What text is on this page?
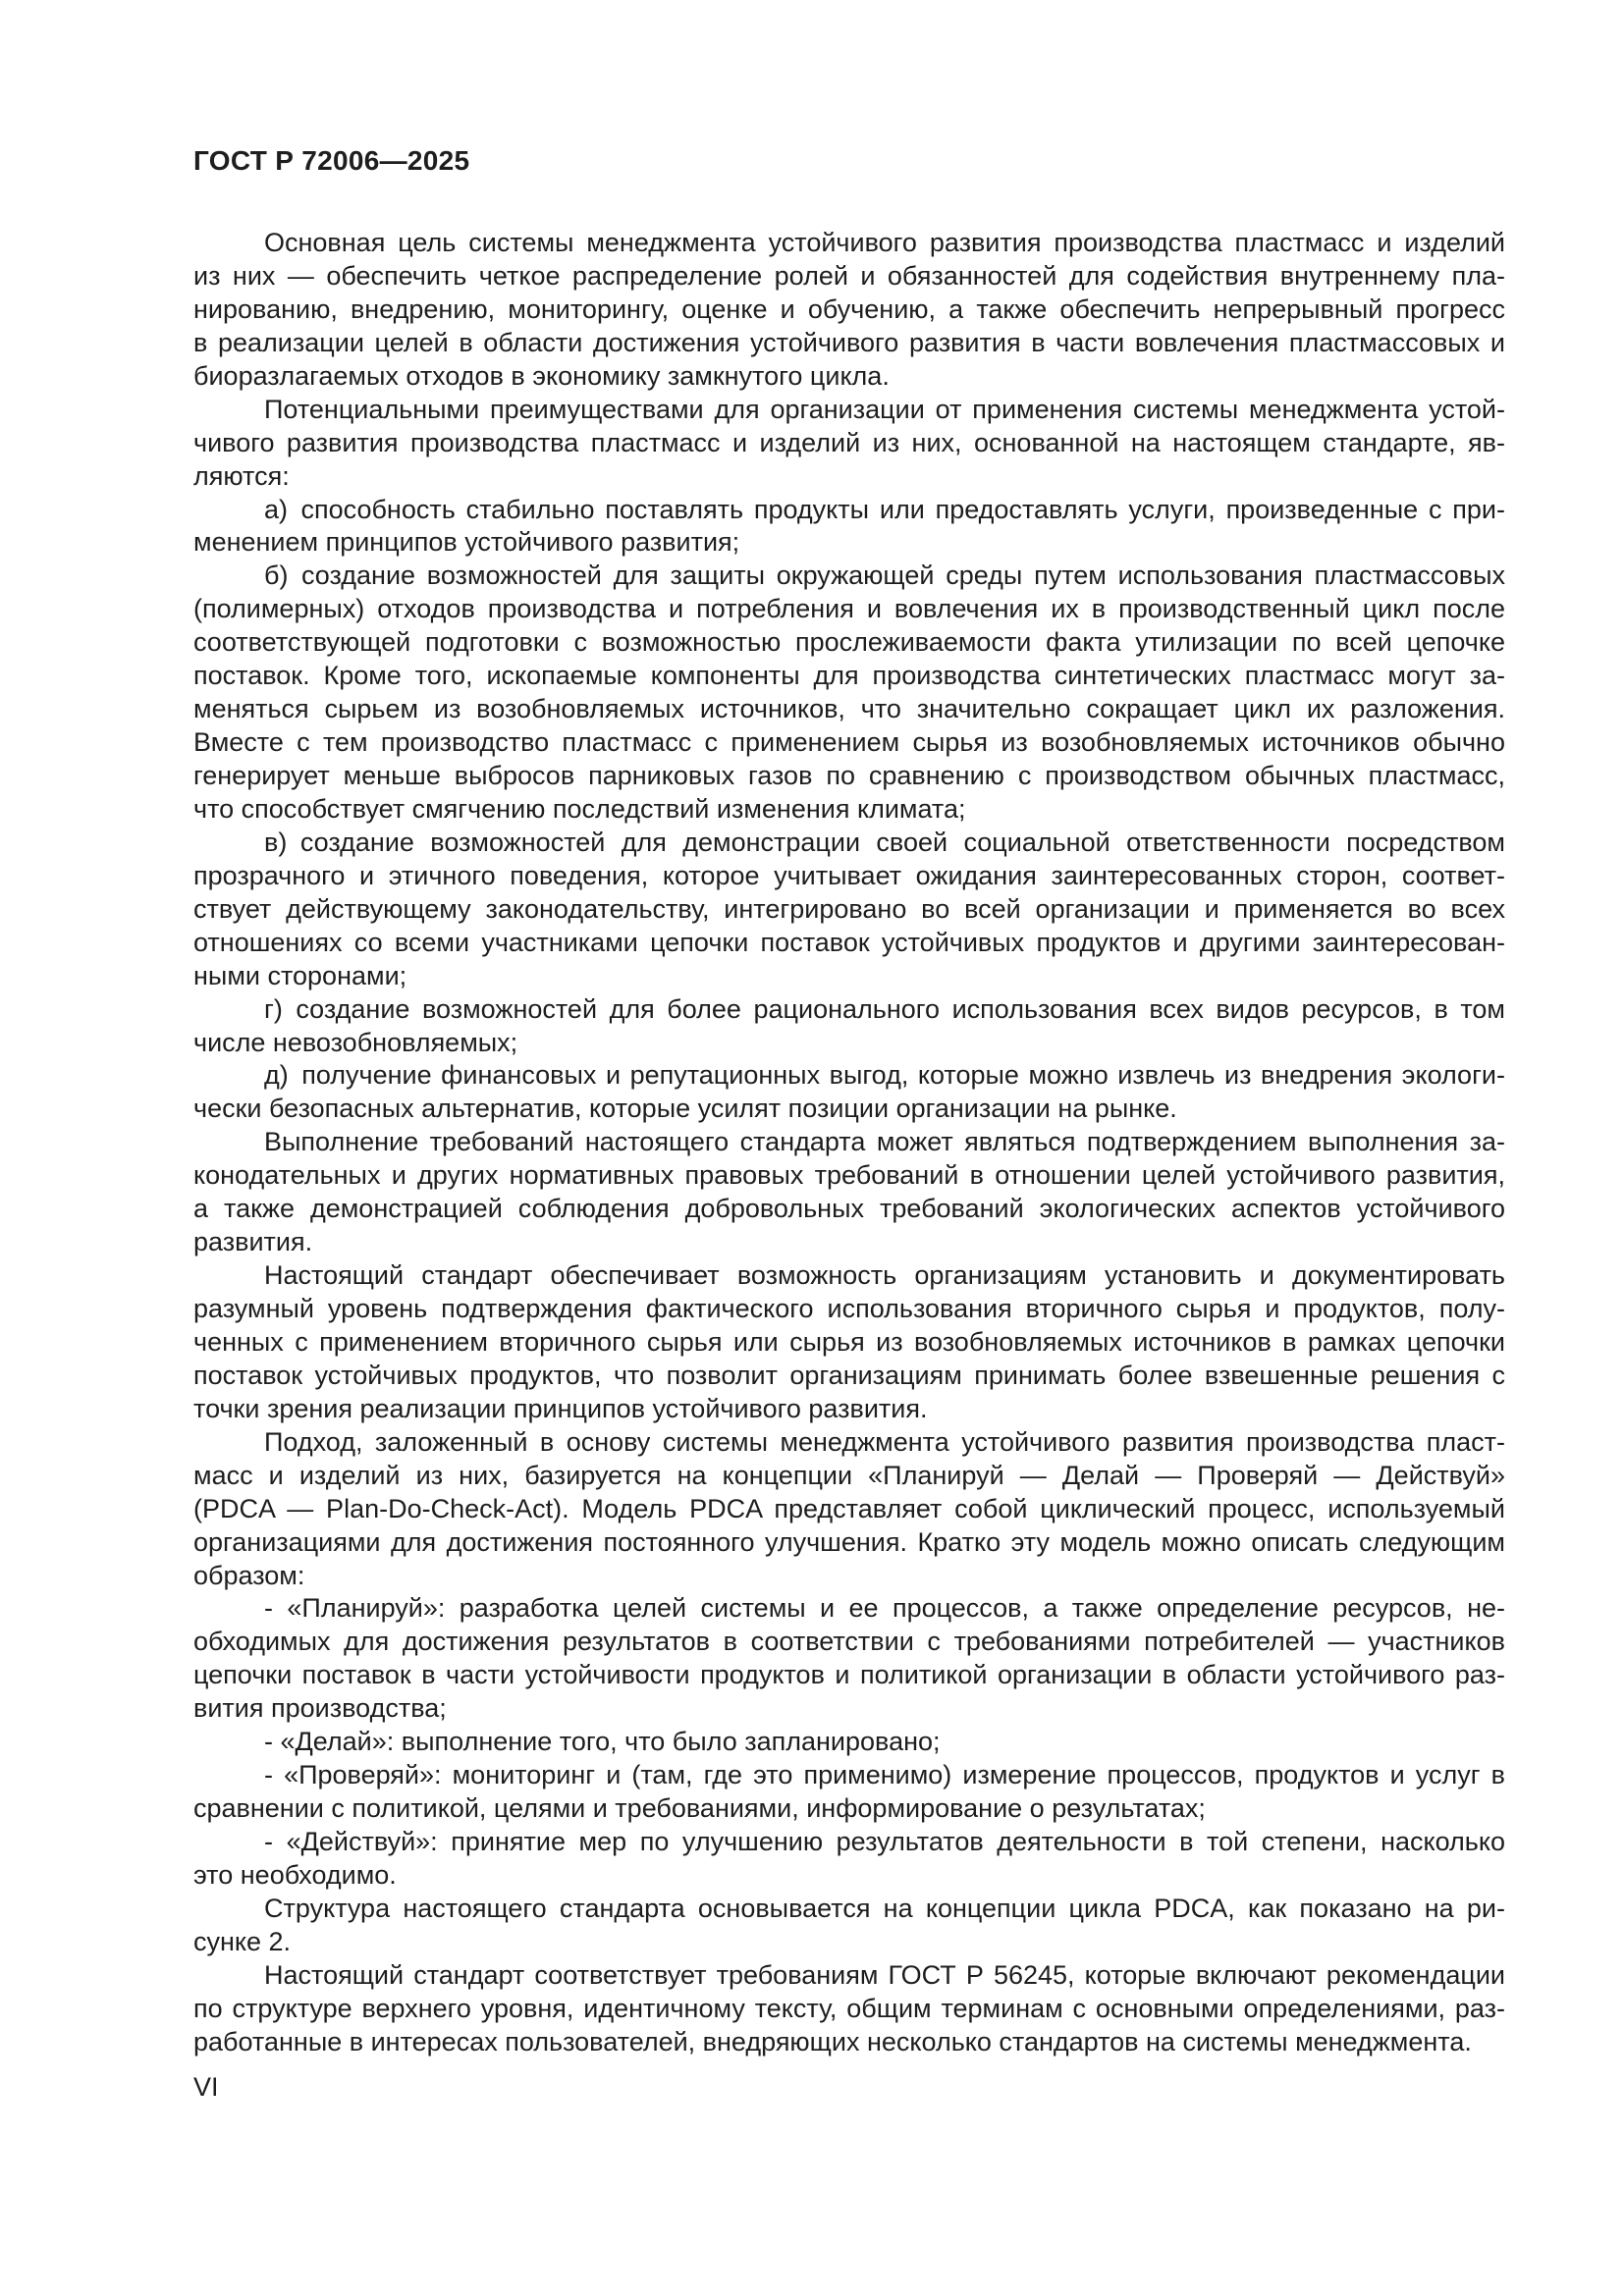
ГОСТ Р 72006—2025
Основная цель системы менеджмента устойчивого развития производства пластмасс и изделий
из них — обеспечить четкое распределение ролей и обязанностей для содействия внутреннему пла-
нированию, внедрению, мониторингу, оценке и обучению, а также обеспечить непрерывный прогресс
в реализации целей в области достижения устойчивого развития в части вовлечения пластмассовых и
биоразлагаемых отходов в экономику замкнутого цикла.
Потенциальными преимуществами для организации от применения системы менеджмента устой-
чивого развития производства пластмасс и изделий из них, основанной на настоящем стандарте, яв-
ляются:
а) способность стабильно поставлять продукты или предоставлять услуги, произведенные с при-
менением принципов устойчивого развития;
б) создание возможностей для защиты окружающей среды путем использования пластмассовых
(полимерных) отходов производства и потребления и вовлечения их в производственный цикл после
соответствующей подготовки с возможностью прослеживаемости факта утилизации по всей цепочке
поставок. Кроме того, ископаемые компоненты для производства синтетических пластмасс могут за-
меняться сырьем из возобновляемых источников, что значительно сокращает цикл их разложения.
Вместе с тем производство пластмасс с применением сырья из возобновляемых источников обычно
генерирует меньше выбросов парниковых газов по сравнению с производством обычных пластмасс,
что способствует смягчению последствий изменения климата;
в) создание возможностей для демонстрации своей социальной ответственности посредством
прозрачного и этичного поведения, которое учитывает ожидания заинтересованных сторон, соответ-
ствует действующему законодательству, интегрировано во всей организации и применяется во всех
отношениях со всеми участниками цепочки поставок устойчивых продуктов и другими заинтересован-
ными сторонами;
г) создание возможностей для более рационального использования всех видов ресурсов, в том
числе невозобновляемых;
д) получение финансовых и репутационных выгод, которые можно извлечь из внедрения экологи-
чески безопасных альтернатив, которые усилят позиции организации на рынке.
Выполнение требований настоящего стандарта может являться подтверждением выполнения за-
конодательных и других нормативных правовых требований в отношении целей устойчивого развития,
а также демонстрацией соблюдения добровольных требований экологических аспектов устойчивого
развития.
Настоящий стандарт обеспечивает возможность организациям установить и документировать
разумный уровень подтверждения фактического использования вторичного сырья и продуктов, полу-
ченных с применением вторичного сырья или сырья из возобновляемых источников в рамках цепочки
поставок устойчивых продуктов, что позволит организациям принимать более взвешенные решения с
точки зрения реализации принципов устойчивого развития.
Подход, заложенный в основу системы менеджмента устойчивого развития производства пласт-
масс и изделий из них, базируется на концепции «Планируй — Делай — Проверяй — Действуй»
(PDCA — Plan-Do-Check-Act). Модель PDCA представляет собой циклический процесс, используемый
организациями для достижения постоянного улучшения. Кратко эту модель можно описать следующим
образом:
- «Планируй»: разработка целей системы и ее процессов, а также определение ресурсов, не-
обходимых для достижения результатов в соответствии с требованиями потребителей — участников
цепочки поставок в части устойчивости продуктов и политикой организации в области устойчивого раз-
вития производства;
- «Делай»: выполнение того, что было запланировано;
- «Проверяй»: мониторинг и (там, где это применимо) измерение процессов, продуктов и услуг в
сравнении с политикой, целями и требованиями, информирование о результатах;
- «Действуй»: принятие мер по улучшению результатов деятельности в той степени, насколько
это необходимо.
Структура настоящего стандарта основывается на концепции цикла PDCA, как показано на ри-
сунке 2.
Настоящий стандарт соответствует требованиям ГОСТ Р 56245, которые включают рекомендации
по структуре верхнего уровня, идентичному тексту, общим терминам с основными определениями, раз-
работанные в интересах пользователей, внедряющих несколько стандартов на системы менеджмента.
VI
